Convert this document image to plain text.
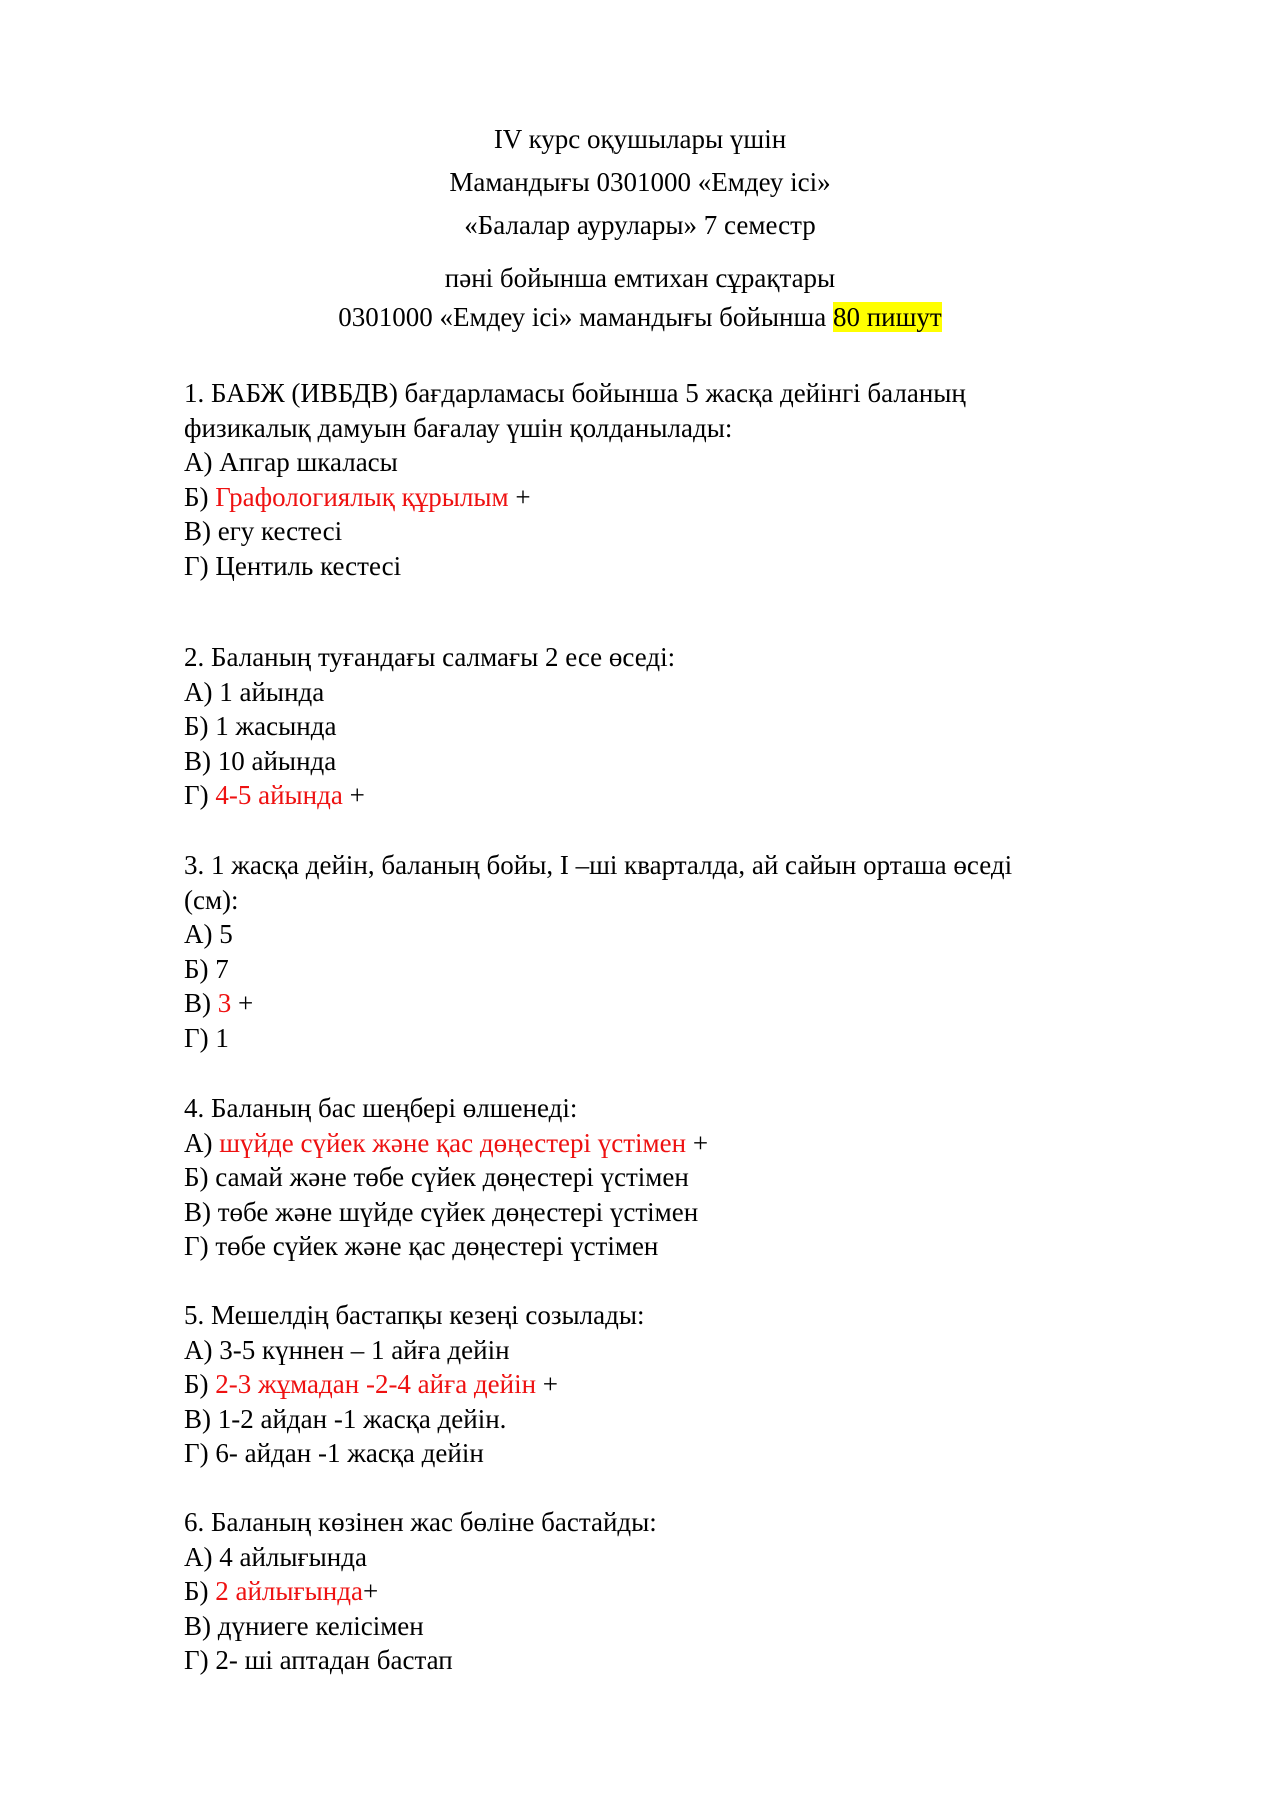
IV курс оқушылары үшін
Мамандығы 0301000 «Емдеу ісі»
«Балалар аурулары» 7 семестр
пәні бойынша емтихан сұрақтары
0301000 «Емдеу ісі» мамандығы бойынша 80 пишут
1. БАБЖ (ИВБДВ) бағдарламасы бойынша 5 жасқа дейінгі баланың
физикалық дамуын бағалау үшін қолданылады:
А) Апгар шкаласы
Б) Графологиялық құрылым +
В) егу кестесі
Г) Центиль кестесі
2. Баланың туғандағы салмағы 2 есе өседі:
А) 1 айында
Б) 1 жасында
В) 10 айында
Г) 4-5 айында +
3. 1 жасқа дейін, баланың бойы, I –ші кварталда, ай сайын орташа өседі
(см):
А) 5
Б) 7
В) 3 +
Г) 1
4. Баланың бас шеңбері өлшенеді:
А) шүйде сүйек және қас дөңестері үстімен +
Б) самай және төбе сүйек дөңестері үстімен
В) төбе және шүйде сүйек дөңестері үстімен
Г) төбе сүйек және қас дөңестері үстімен
5. Мешелдің бастапқы кезеңі созылады:
А) 3-5 күннен – 1 айға дейін
Б) 2-3 жұмадан -2-4 айға дейін +
В) 1-2 айдан -1 жасқа дейін.
Г) 6- айдан -1 жасқа дейін
6. Баланың көзінен жас бөліне бастайды:
А) 4 айлығында
Б) 2 айлығында+
В) дүниеге келісімен
Г) 2- ші аптадан бастап
